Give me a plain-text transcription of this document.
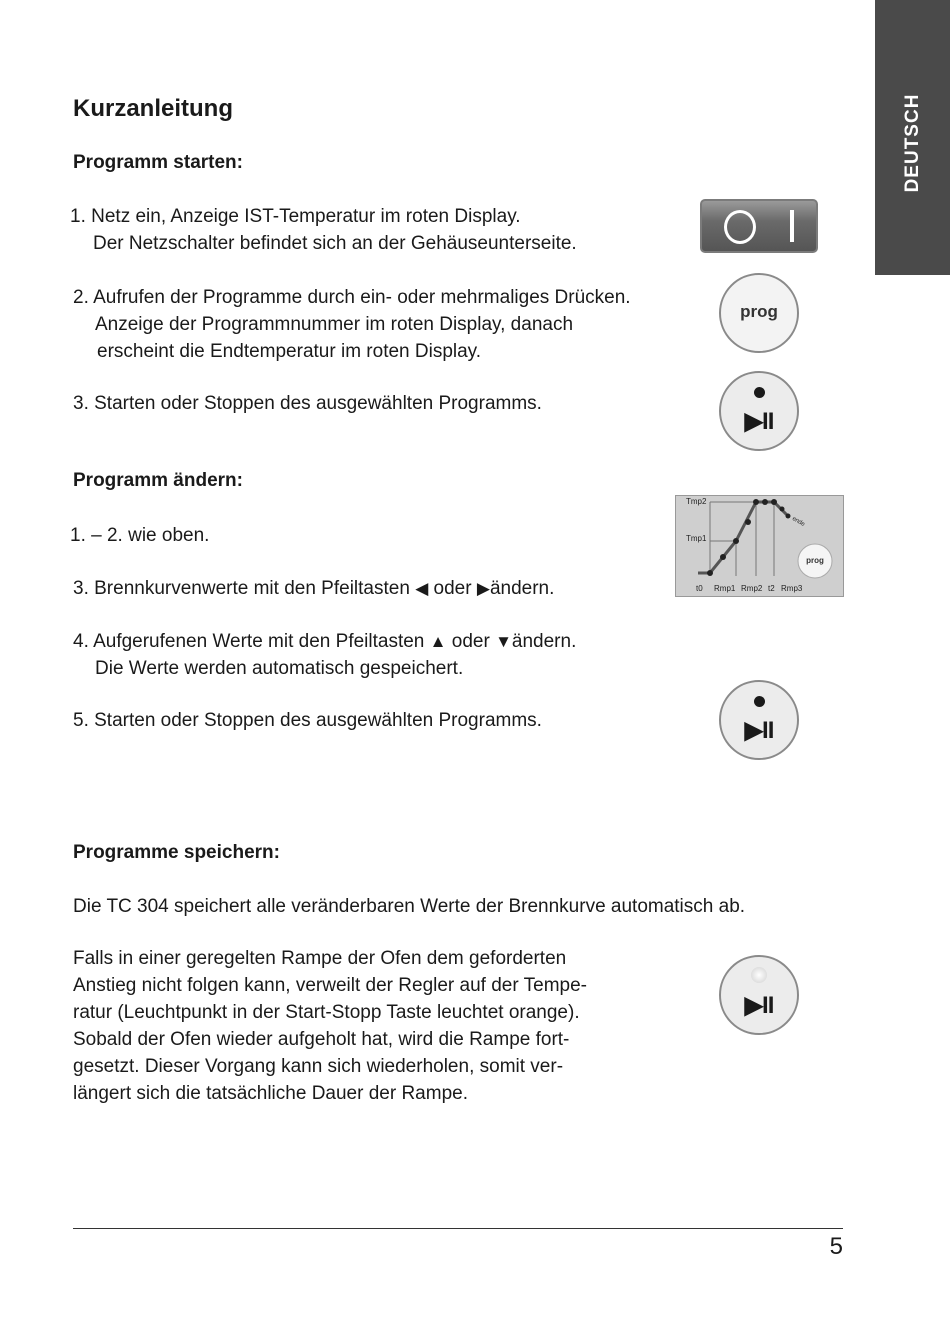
DEUTSCH
Kurzanleitung
Programm starten:
1. Netz ein, Anzeige IST-Temperatur im roten Display.
Der Netzschalter befindet sich an der Gehäuseunterseite.
2. Aufrufen der Programme durch ein- oder mehrmaliges Drücken.
Anzeige der Programmnummer im roten Display, danach
erscheint die Endtemperatur im roten Display.
3. Starten oder Stoppen des ausgewählten Programms.
Programm ändern:
1. – 2. wie oben.
3. Brennkurvenwerte mit den Pfeiltasten ◀ oder ▶ändern.
4. Aufgerufenen Werte mit den Pfeiltasten ▲ oder ▼ändern.
Die Werte werden automatisch gespeichert.
5. Starten oder Stoppen des ausgewählten Programms.
Programme speichern:
Die TC 304 speichert alle veränderbaren Werte der Brennkurve automatisch ab.
Falls in einer geregelten Rampe der Ofen dem geforderten
Anstieg nicht folgen kann, verweilt der Regler auf der Tempe-
ratur (Leuchtpunkt in der Start-Stopp Taste leuchtet orange).
Sobald der Ofen wieder aufgeholt hat, wird die Rampe fort-
gesetzt. Dieser Vorgang kann sich wiederholen, somit ver-
längert sich die tatsächliche Dauer der Rampe.
prog
▶II
▶II
▶II
Tmp2
Tmp1
prog
ende
t0 Rmp1 Rmp2 t2 Rmp3
5
